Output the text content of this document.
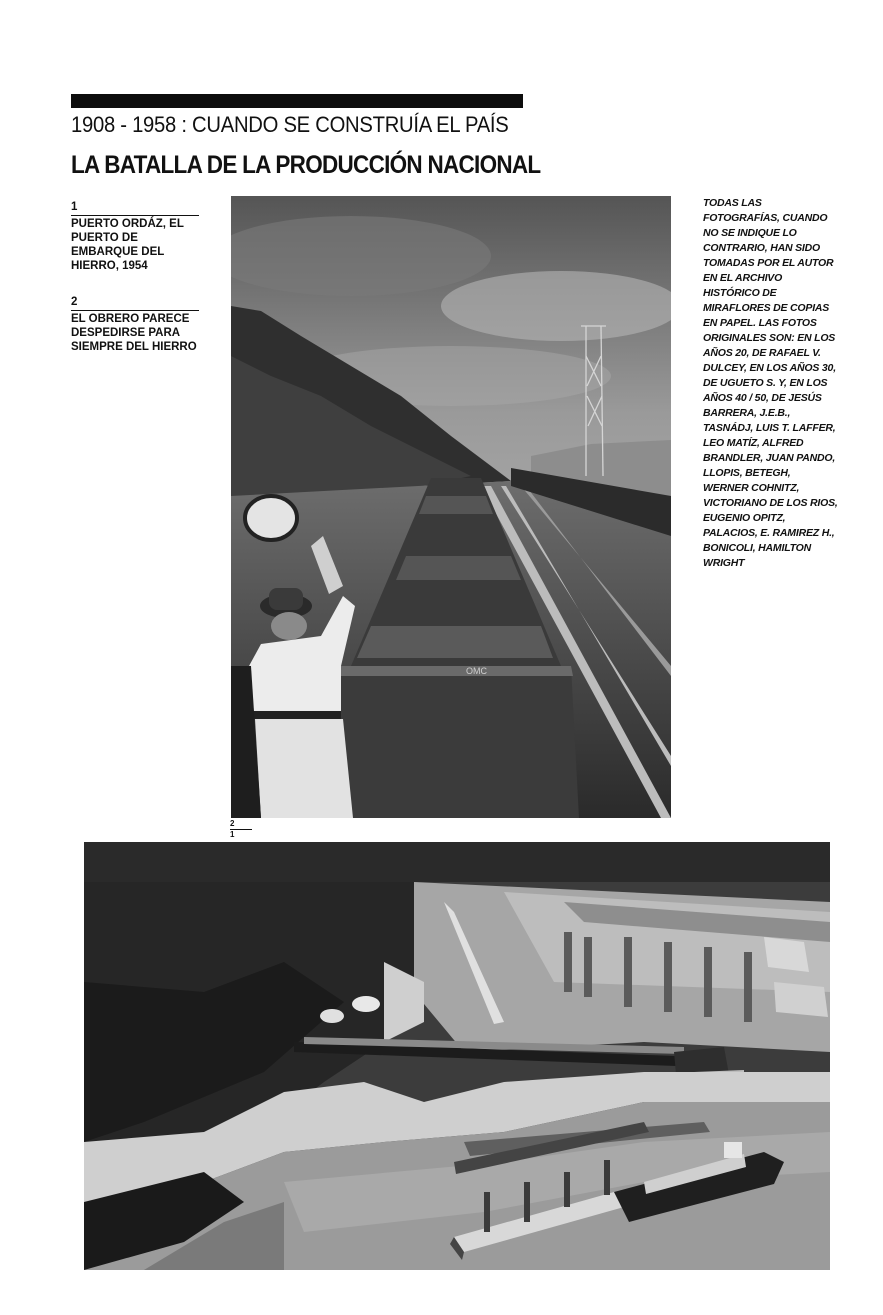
1908 - 1958 : CUANDO SE CONSTRUÍA EL PAÍS
LA BATALLA DE LA PRODUCCIÓN NACIONAL
1
PUERTO ORDÁZ, EL PUERTO DE EMBARQUE DEL HIERRO, 1954
2
EL OBRERO PARECE DESPEDIRSE PARA SIEMPRE DEL HIERRO
TODAS LAS FOTOGRAFÍAS, CUANDO NO SE INDIQUE LO CONTRARIO, HAN SIDO TOMADAS POR EL AUTOR EN EL ARCHIVO HISTÓRICO DE MIRAFLORES DE COPIAS EN PAPEL. LAS FOTOS ORIGINALES SON: EN LOS AÑOS 20, DE RAFAEL V. DULCEY, EN LOS AÑOS 30, DE UGUETO S. Y, EN LOS AÑOS 40 / 50, DE JESÚS BARRERA, J.E.B., TASNÁDJ, LUIS T. LAFFER, LEO MATÍZ, ALFRED BRANDLER, JUAN PANDO, LLOPIS, BETEGH, WERNER COHNITZ, VICTORIANO DE LOS RIOS, EUGENIO OPITZ, PALACIOS, E. RAMIREZ H., BONICOLI, HAMILTON WRIGHT
OMC
2
1
